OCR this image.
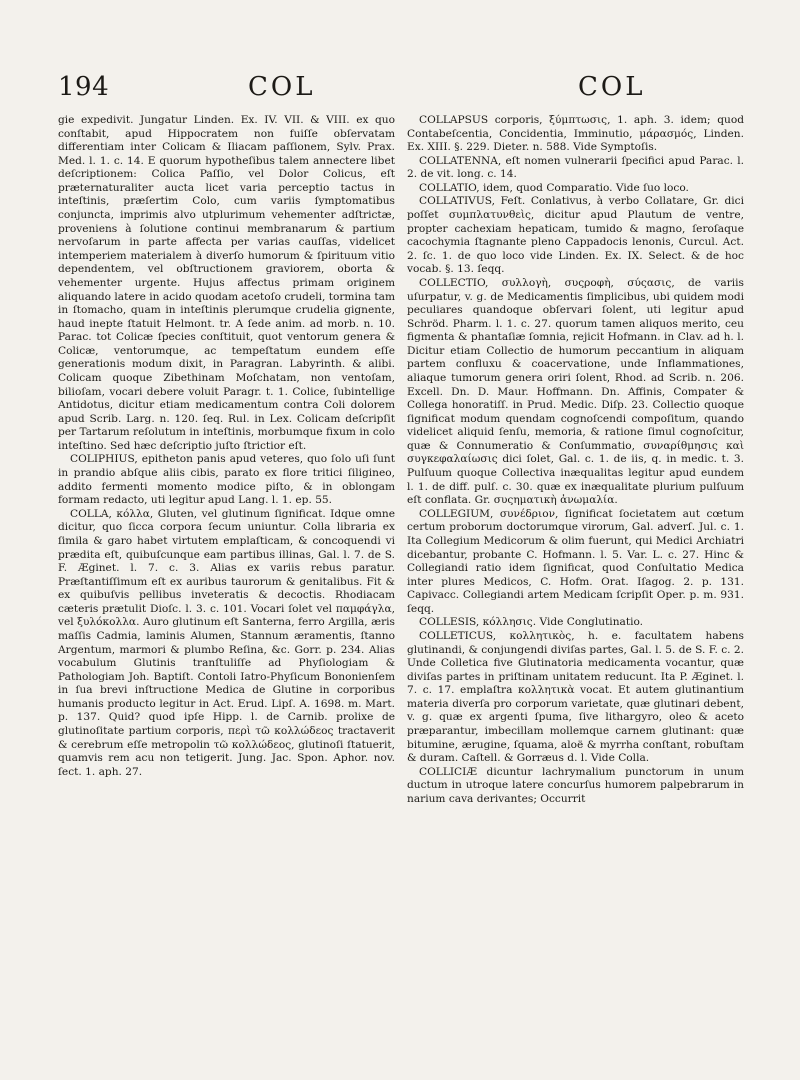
194	COL	COL

gie expedivit. Jungatur Linden. Ex. IV. VII. & VIII. ex quo conſtabit, apud Hippocratem non fuiſſe obſervatam differentiam inter Colicam & Iliacam paſſionem, Sylv. Prax. Med. l. 1. c. 14. E quorum hypotheſibus talem annectere libet deſcriptionem: Colica Paſſio, vel Dolor Colicus, eſt præternaturaliter aucta licet varia perceptio tactus in inteſtinis, præſertim Colo, cum variis ſymptomatibus conjuncta, imprimis alvo utplurimum vehementer adſtrictæ, proveniens à ſolutione continui membranarum & partium nervoſarum in parte affecta per varias cauſſas, videlicet intemperiem materialem à diverſo humorum & ſpirituum vitio dependentem, vel obſtructionem graviorem, oborta & vehementer urgente. Hujus affectus primam originem aliquando latere in acido quodam acetoſo crudeli, tormina tam in ſtomacho, quam in inteſtinis plerumque crudelia gignente, haud inepte ſtatuit Helmont. tr. A ſede anim. ad morb. n. 10. Parac. tot Colicæ ſpecies conſtituit, quot ventorum genera & Colicæ, ventorumque, ac tempeſtatum eundem eſſe generationis modum dixit, in Paragran. Labyrinth. & alibi. Colicam quoque Zibethinam Moſchatam, non ventoſam, bilioſam, vocari debere voluit Paragr. t. 1. Colice, ſubintellige Antidotus, dicitur etiam medicamentum contra Coli dolorem apud Scrib. Larg. n. 120. ſeq. Rul. in Lex. Colicam deſcripſit per Tartarum reſolutum in inteſtinis, morbumque fixum in colo inteſtino. Sed hæc deſcriptio juſto ſtrictior eſt.

COLIPHIUS, epitheton panis apud veteres, quo ſolo uſi ſunt in prandio abſque aliis cibis, parato ex flore tritici ſiligineo, addito fermenti momento modice piſto, & in oblongam formam redacto, uti legitur apud Lang. l. 1. ep. 55.

COLLA, κόλλα, Gluten, vel glutinum ſignificat. Idque omne dicitur, quo ſicca corpora ſecum uniuntur. Colla libraria ex ſimila & garo habet virtutem emplaſticam, & concoquendi vi prædita eſt, quibuſcunque eam partibus illinas, Gal. l. 7. de S. F. Æginet. l. 7. c. 3. Alias ex variis rebus paratur. Præſtantiſſimum eſt ex auribus taurorum & genitalibus. Fit & ex quibuſvis pellibus inveteratis & decoctis. Rhodiacam cæteris prætulit Dioſc. l. 3. c. 101. Vocari ſolet vel παμφάγλα, vel ξυλόκολλα. Auro glutinum eſt Santerna, ferro Argilla, æris maſſis Cadmia, laminis Alumen, Stannum æramentis, ſtanno Argentum, marmori & plumbo Reſina, &c. Gorr. p. 234. Alias vocabulum Glutinis tranſtuliſſe ad Phyſiologiam & Pathologiam Joh. Baptiſt. Contoli Iatro-Phyſicum Bononienſem in ſua brevi inſtructione Medica de Glutine in corporibus humanis producto legitur in Act. Erud. Lipſ. A. 1698. m. Mart. p. 137. Quid? quod ipſe Hipp. l. de Carnib. prolixe de glutinoſitate partium corporis, περὶ τῶ κολλώδεος tractaverit & cerebrum eſſe metropolin τῶ κολλώδεος, glutinoſi ſtatuerit, quamvis rem acu non tetigerit. Jung. Jac. Spon. Aphor. nov. ſect. 1. aph. 27.

COLLAPSUS corporis, ξύμπτωσις, 1. aph. 3. idem; quod Contabeſcentia, Concidentia, Imminutio, μάρασμός, Linden. Ex. XIII. §. 229. Dieter. n. 588. Vide Symptoſis.

COLLATENNA, eſt nomen vulnerarii ſpecifici apud Parac. l. 2. de vit. long. c. 14.

COLLATIO, idem, quod Comparatio. Vide ſuo loco.

COLLATIVUS, Feſt. Conlativus, à verbo Collatare, Gr. dici poſſet συμπλατυνθεὶς, dicitur apud Plautum de ventre, propter cachexiam hepaticam, tumido & magno, ſeroſaque cacochymia ſtagnante pleno Cappadocis lenonis, Curcul. Act. 2. ſc. 1. de quo loco vide Linden. Ex. IX. Select. & de hoc vocab. §. 13. ſeqq.

COLLECTIO, συλλογὴ, συςροφὴ, σύςασις, de variis uſurpatur, v. g. de Medicamentis ſimplicibus, ubi quidem modi peculiares quandoque obſervari ſolent, uti legitur apud Schröd. Pharm. l. 1. c. 27. quorum tamen aliquos merito, ceu figmenta & phantaſiæ ſomnia, rejicit Hofmann. in Clav. ad h. l. Dicitur etiam Collectio de humorum peccantium in aliquam partem confluxu & coacervatione, unde Inflammationes, aliaque tumorum genera oriri ſolent, Rhod. ad Scrib. n. 206. Excell. Dn. D. Maur. Hoffmann. Dn. Affinis, Compater & Collega honoratiſſ. in Prud. Medic. Diſp. 23. Collectio quoque ſignificat modum quendam cognoſcendi compoſitum, quando videlicet aliquid ſenſu, memoria, & ratione ſimul cognoſcitur, quæ & Connumeratio & Conſummatio, συναρίθμησις καὶ συγκεφαλαίωσις dici ſolet, Gal. c. 1. de iis, q. in medic. t. 3. Pulſuum quoque Collectiva inæqualitas legitur apud eundem l. 1. de diff. pulſ. c. 30. quæ ex inæqualitate plurium pulſuum eſt conflata. Gr. συςηματικὴ ἀνωμαλία.

COLLEGIUM, συνέδριον, ſignificat ſocietatem aut cœtum certum proborum doctorumque virorum, Gal. adverſ. Jul. c. 1. Ita Collegium Medicorum & olim fuerunt, qui Medici Archiatri dicebantur, probante C. Hofmann. l. 5. Var. L. c. 27. Hinc & Collegiandi ratio idem ſignificat, quod Conſultatio Medica inter plures Medicos, C. Hofm. Orat. Iſagog. 2. p. 131. Capivacc. Collegiandi artem Medicam ſcripſit Oper. p. m. 931. ſeqq.

COLLESIS, κόλλησις. Vide Conglutinatio.

COLLETICUS, κολλητικὸς, h. e. facultatem habens glutinandi, & conjungendi diviſas partes, Gal. l. 5. de S. F. c. 2. Unde Colletica five Glutinatoria medicamenta vocantur, quæ diviſas partes in priſtinam unitatem reducunt. Ita P. Æginet. l. 7. c. 17. emplaſtra κολλητικὰ vocat. Et autem glutinantium materia diverſa pro corporum varietate, quæ glutinari debent, v. g. quæ ex argenti ſpuma, ſive lithargyro, oleo & aceto præparantur, imbecillam mollemque carnem glutinant: quæ bitumine, ærugine, ſquama, aloë & myrrha conſtant, robuſtam & duram. Caſtell. & Gorræus d. l. Vide Colla.

COLLICIÆ dicuntur lachrymalium punctorum in unum ductum in utroque latere concurſus humorem palpebrarum in narium cava derivantes; Occurrit
